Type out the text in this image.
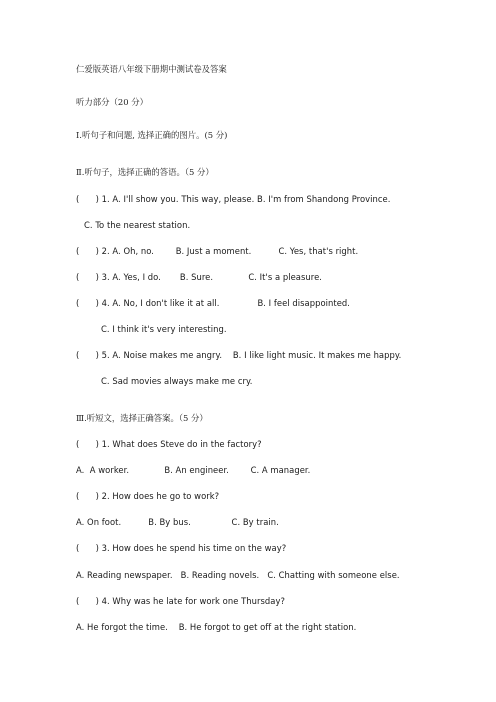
仁爱版英语八年级下册期中测试卷及答案
听力部分（20 分）
Ⅰ.听句子和问题, 选择正确的图片。(5 分)
Ⅱ.听句子，选择正确的答语。（5 分）
(      ) 1. A. I'll show you. This way, please. B. I'm from Shandong Province.
C. To the nearest station.
(      ) 2. A. Oh, no.        B. Just a moment.          C. Yes, that's right.
(      ) 3. A. Yes, I do.       B. Sure.             C. It's a pleasure.
(      ) 4. A. No, I don't like it at all.              B. I feel disappointed.
C. I think it's very interesting.
(      ) 5. A. Noise makes me angry.    B. I like light music. It makes me happy.
C. Sad movies always make me cry.
Ⅲ.听短文，选择正确答案。（5 分）
(      ) 1. What does Steve do in the factory?
A.  A worker.             B. An engineer.        C. A manager.
(      ) 2. How does he go to work?
A. On foot.          B. By bus.               C. By train.
(      ) 3. How does he spend his time on the way?
A. Reading newspaper.   B. Reading novels.   C. Chatting with someone else.
(      ) 4. Why was he late for work one Thursday?
A. He forgot the time.    B. He forgot to get off at the right station.
